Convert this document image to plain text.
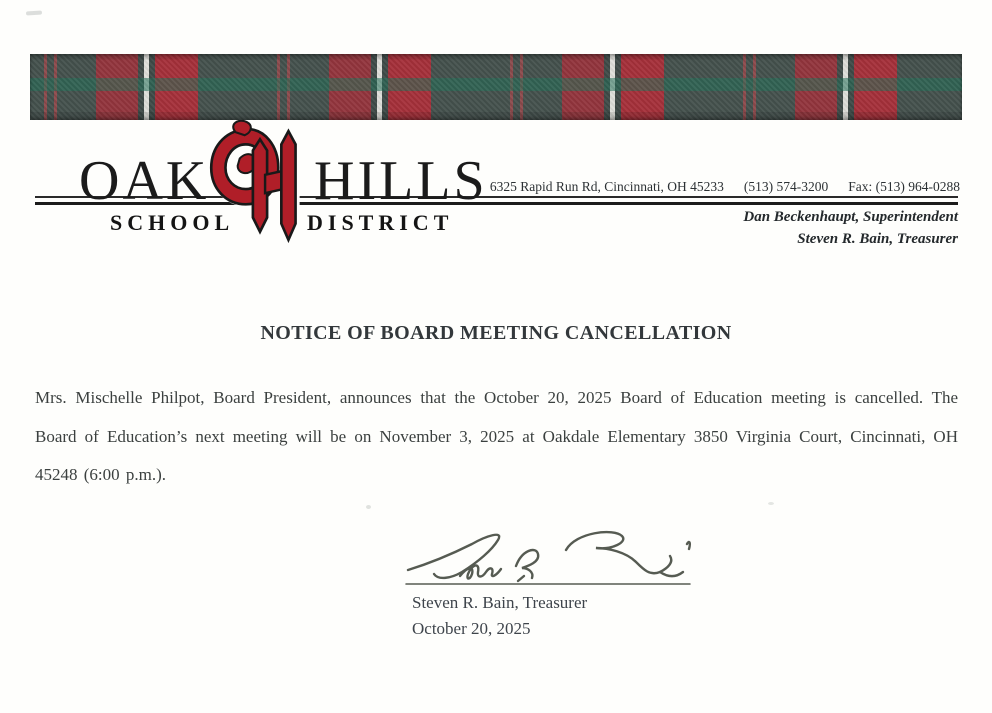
OAK HILLS
SCHOOL	DISTRICT
6325 Rapid Run Rd, Cincinnati, OH 45233 (513) 574-3200 Fax: (513) 964-0288
Dan Beckenhaupt, Superintendent
Steven R. Bain, Treasurer
NOTICE OF BOARD MEETING CANCELLATION
Mrs. Mischelle Philpot, Board President, announces that the October 20, 2025 Board of Education meeting is cancelled. The Board of Education’s next meeting will be on November 3, 2025 at Oakdale Elementary 3850 Virginia Court, Cincinnati, OH 45248 (6:00 p.m.).
Steven R. Bain, Treasurer
October 20, 2025
